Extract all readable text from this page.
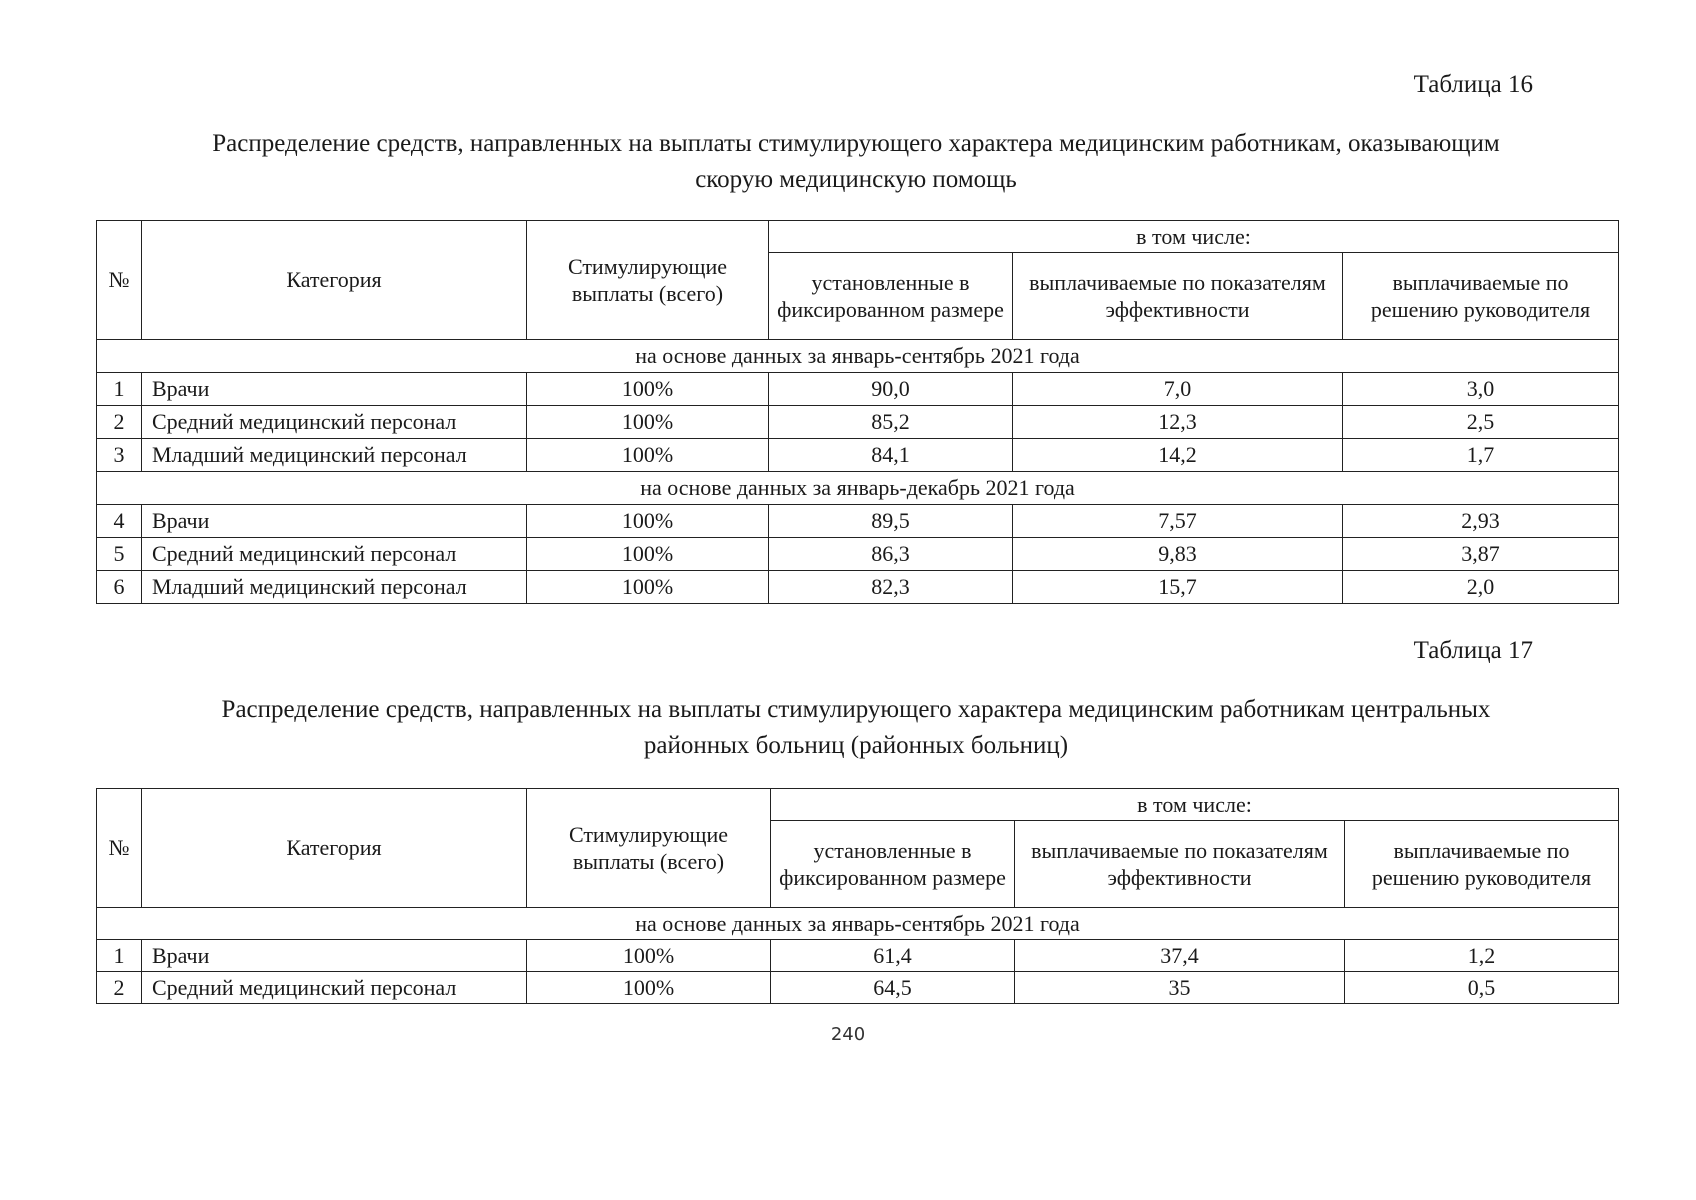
Таблица 16
Распределение средств, направленных на выплаты стимулирующего характера медицинским работникам, оказывающим
скорую медицинскую помощь
№	Категория	Стимулирующие выплаты (всего)	в том числе:		
			установленные в фиксированном размере	выплачиваемые по показателям эффективности	выплачиваемые по решению руководителя
на основе данных за январь-сентябрь 2021 года					
1	Врачи	100%	90,0	7,0	3,0
2	Средний медицинский персонал	100%	85,2	12,3	2,5
3	Младший медицинский персонал	100%	84,1	14,2	1,7
на основе данных за январь-декабрь 2021 года					
4	Врачи	100%	89,5	7,57	2,93
5	Средний медицинский персонал	100%	86,3	9,83	3,87
6	Младший медицинский персонал	100%	82,3	15,7	2,0
Таблица 17
Распределение средств, направленных на выплаты стимулирующего характера медицинским работникам центральных
районных больниц (районных больниц)
№	Категория	Стимулирующие выплаты (всего)	в том числе:		
			установленные в фиксированном размере	выплачиваемые по показателям эффективности	выплачиваемые по решению руководителя
на основе данных за январь-сентябрь 2021 года					
1	Врачи	100%	61,4	37,4	1,2
2	Средний медицинский персонал	100%	64,5	35	0,5
240
